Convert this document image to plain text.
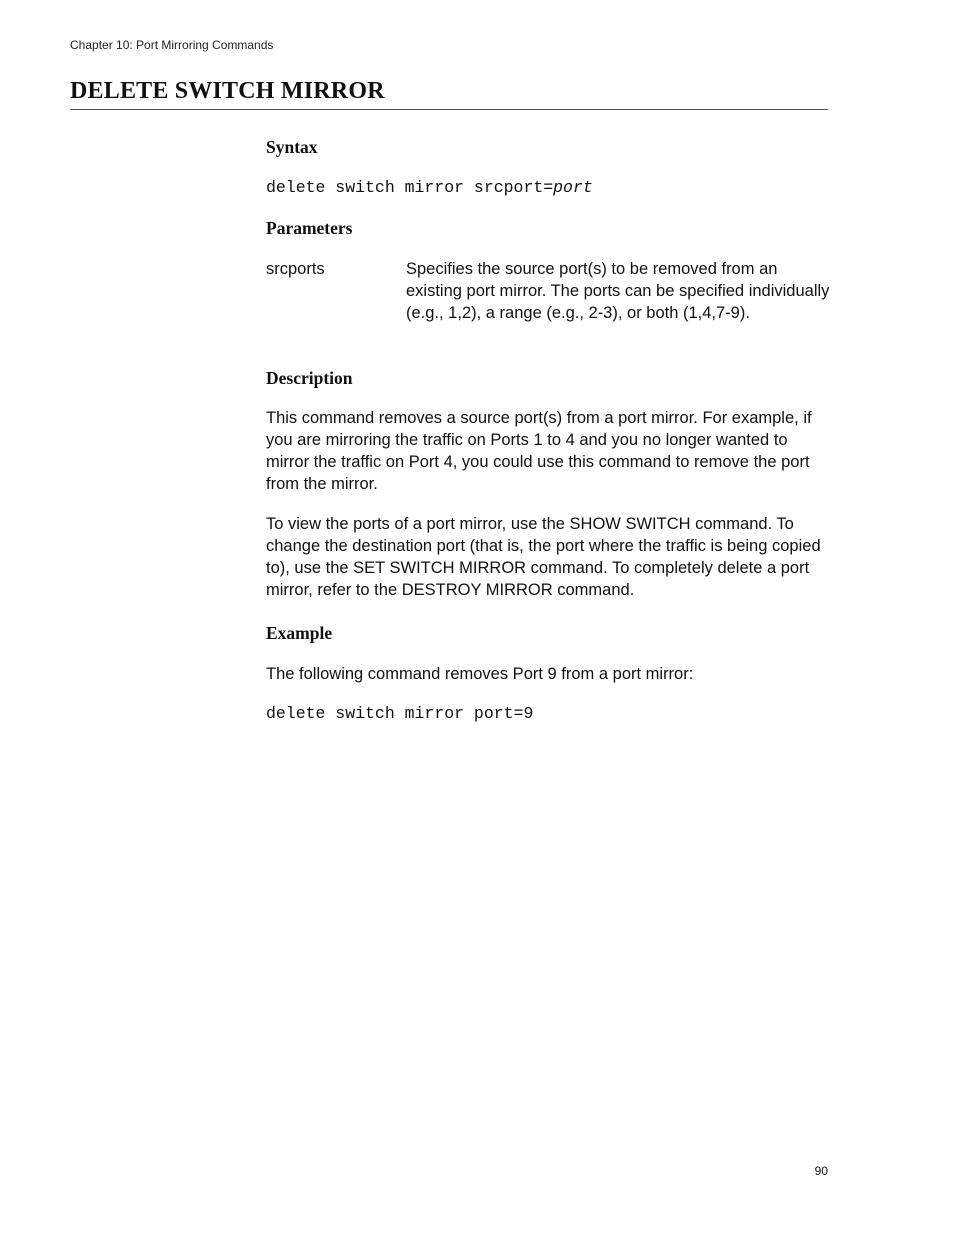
Chapter 10: Port Mirroring Commands
DELETE SWITCH MIRROR
Syntax
delete switch mirror srcport=port
Parameters
srcports	Specifies the source port(s) to be removed from an existing port mirror. The ports can be specified individually (e.g., 1,2), a range (e.g., 2-3), or both (1,4,7-9).
Description

This command removes a source port(s) from a port mirror. For example, if you are mirroring the traffic on Ports 1 to 4 and you no longer wanted to mirror the traffic on Port 4, you could use this command to remove the port from the mirror.

To view the ports of a port mirror, use the SHOW SWITCH command. To change the destination port (that is, the port where the traffic is being copied to), use the SET SWITCH MIRROR command. To completely delete a port mirror, refer to the DESTROY MIRROR command.

Example

The following command removes Port 9 from a port mirror:

delete switch mirror port=9
90
